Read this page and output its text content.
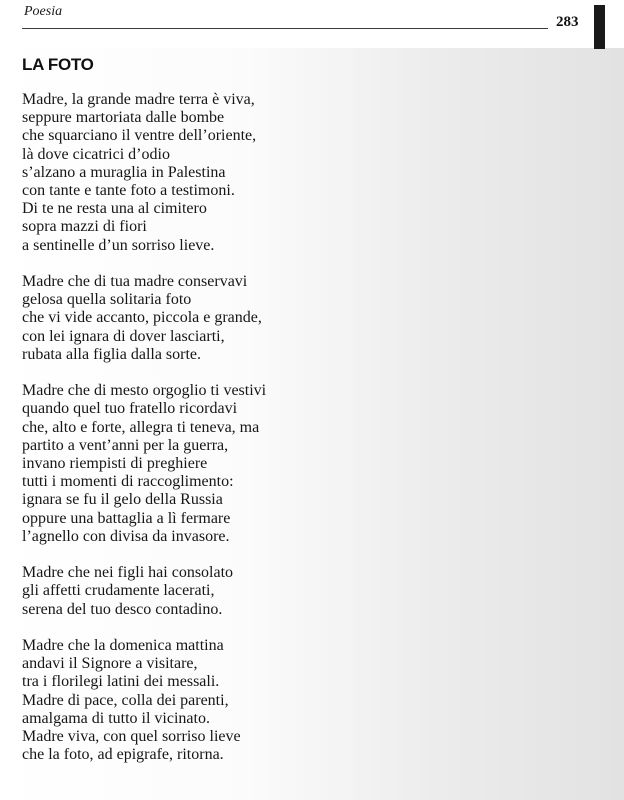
Poesia
283
LA FOTO
Madre, la grande madre terra è viva,
seppure martoriata dalle bombe
che squarciano il ventre dell’oriente,
là dove cicatrici d’odio
s’alzano a muraglia in Palestina
con tante e tante foto a testimoni.
Di te ne resta una al cimitero
sopra mazzi di fiori
a sentinelle d’un sorriso lieve.
Madre che di tua madre conservavi
gelosa quella solitaria foto
che vi vide accanto, piccola e grande,
con lei ignara di dover lasciarti,
rubata alla figlia dalla sorte.
Madre che di mesto orgoglio ti vestivi
quando quel tuo fratello ricordavi
che, alto e forte, allegra ti teneva, ma
partito a vent’anni per la guerra,
invano riempisti di preghiere
tutti i momenti di raccoglimento:
ignara se fu il gelo della Russia
oppure una battaglia a lì fermare
l’agnello con divisa da invasore.
Madre che nei figli hai consolato
gli affetti crudamente lacerati,
serena del tuo desco contadino.
Madre che la domenica mattina
andavi il Signore a visitare,
tra i florilegi latini dei messali.
Madre di pace, colla dei parenti,
amalgama di tutto il vicinato.
Madre viva, con quel sorriso lieve
che la foto, ad epigrafe, ritorna.
